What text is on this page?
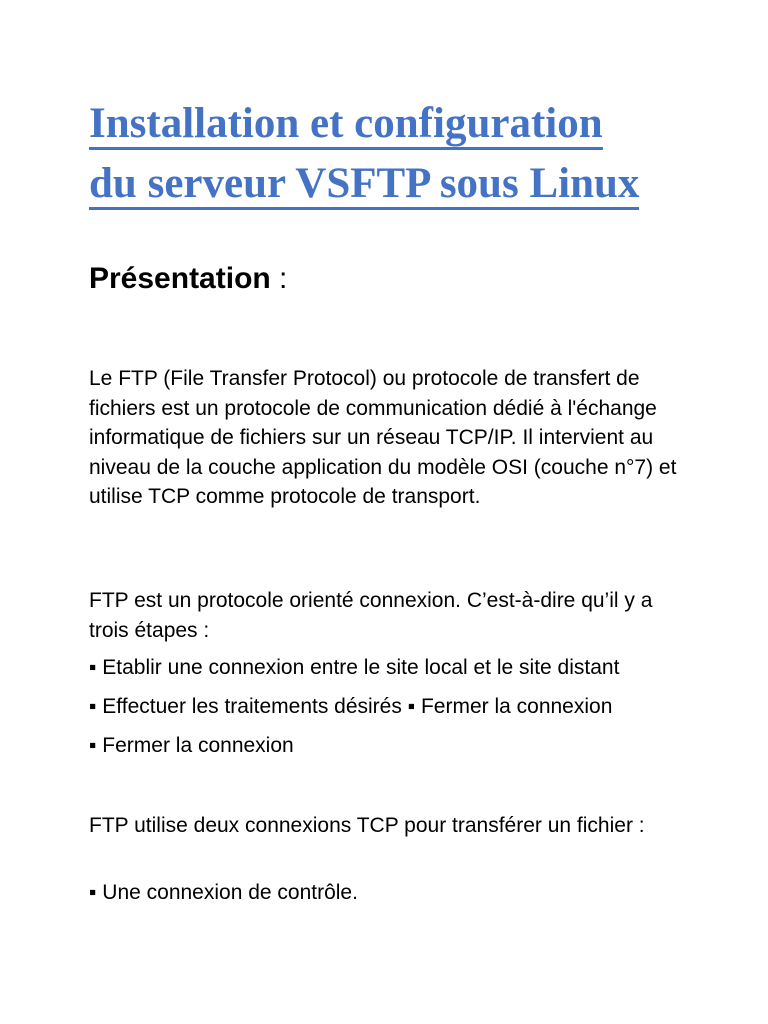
Installation et configuration
du serveur VSFTP sous Linux
Présentation :

Le FTP (File Transfer Protocol) ou protocole de transfert de fichiers est un protocole de communication dédié à l'échange informatique de fichiers sur un réseau TCP/IP. Il intervient au niveau de la couche application du modèle OSI (couche n°7) et utilise TCP comme protocole de transport.

FTP est un protocole orienté connexion. C’est-à-dire qu’il y a trois étapes :

▪ Etablir une connexion entre le site local et le site distant

▪ Effectuer les traitements désirés ▪ Fermer la connexion

▪ Fermer la connexion

FTP utilise deux connexions TCP pour transférer un fichier :

▪ Une connexion de contrôle.
